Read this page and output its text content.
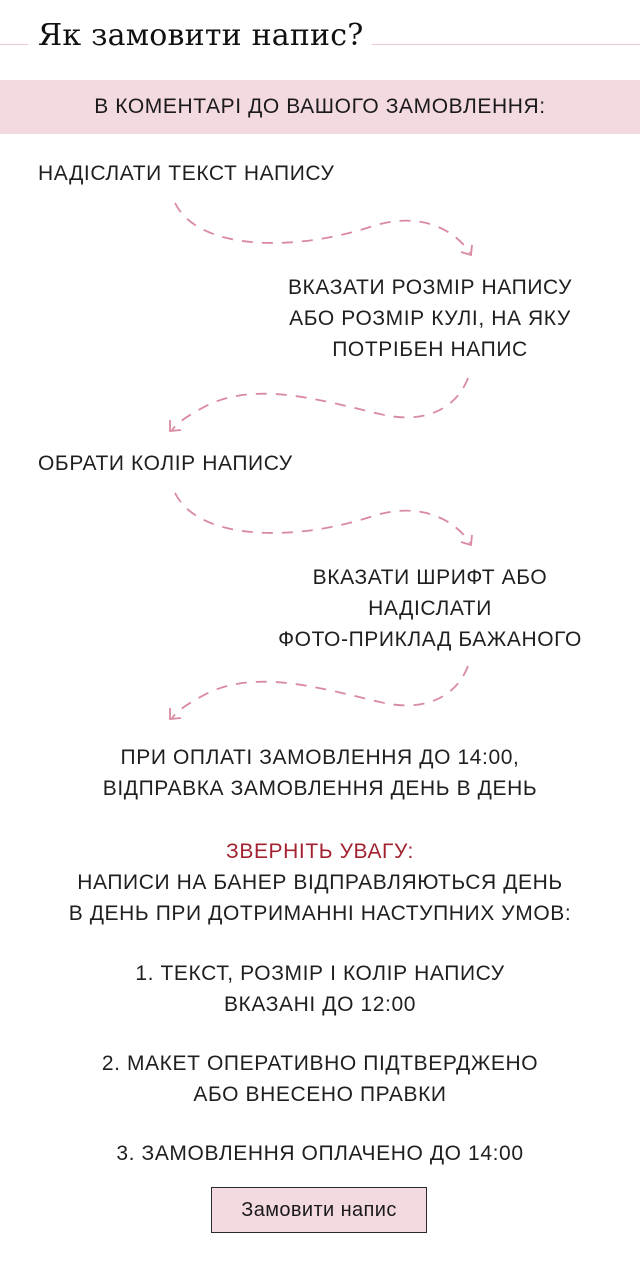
Як замовити напис?
В КОМЕНТАРІ ДО ВАШОГО ЗАМОВЛЕННЯ:
НАДІСЛАТИ ТЕКСТ НАПИСУ
ВКАЗАТИ РОЗМІР НАПИСУ
АБО РОЗМІР КУЛІ, НА ЯКУ
ПОТРІБЕН НАПИС
ОБРАТИ КОЛІР НАПИСУ
ВКАЗАТИ ШРИФТ АБО
НАДІСЛАТИ
ФОТО-ПРИКЛАД БАЖАНОГО
ПРИ ОПЛАТІ ЗАМОВЛЕННЯ ДО 14:00,
ВІДПРАВКА ЗАМОВЛЕННЯ ДЕНЬ В ДЕНЬ
ЗВЕРНІТЬ УВАГУ:
НАПИСИ НА БАНЕР ВІДПРАВЛЯЮТЬСЯ ДЕНЬ
В ДЕНЬ ПРИ ДОТРИМАННІ НАСТУПНИХ УМОВ:
1. ТЕКСТ, РОЗМІР І КОЛІР НАПИСУ
ВКАЗАНІ ДО 12:00
2. МАКЕТ ОПЕРАТИВНО ПІДТВЕРДЖЕНО
АБО ВНЕСЕНО ПРАВКИ
3. ЗАМОВЛЕННЯ ОПЛАЧЕНО ДО 14:00
Замовити напис
